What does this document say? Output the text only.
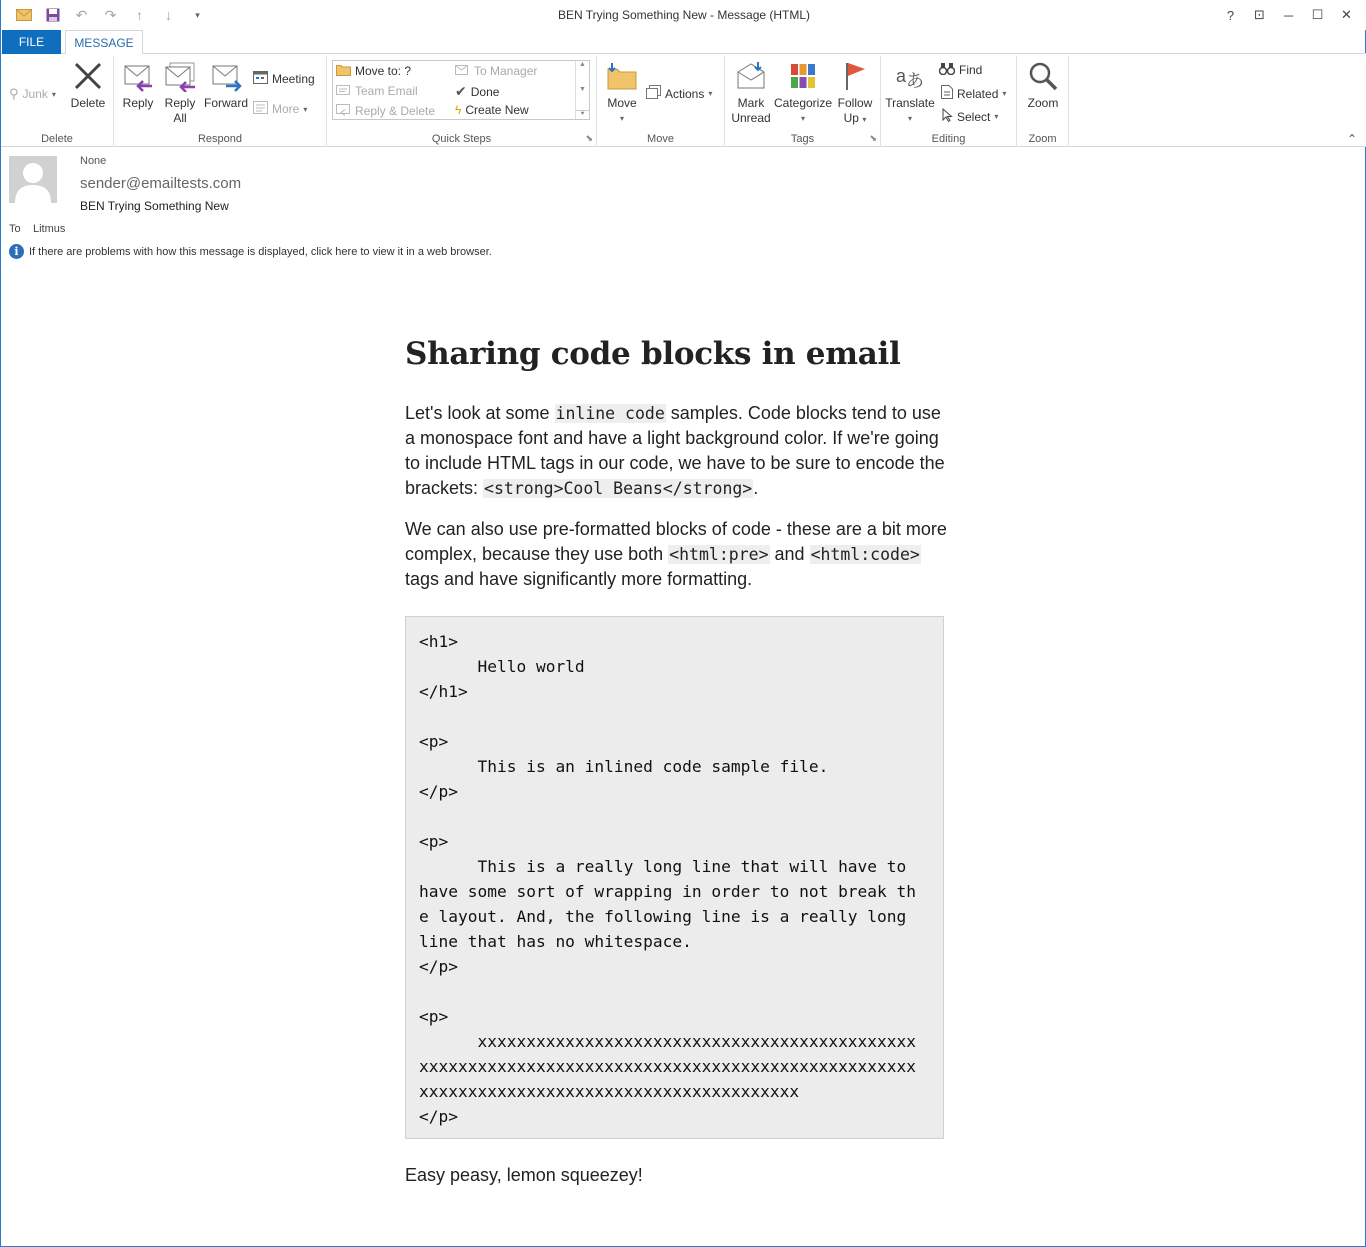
↶	↷	↑	↓	▾	BEN Trying Something New - Message (HTML)	?	⊡	─	☐	✕
FILE	MESSAGE
⚲ Junk ▾
Delete
Delete
Reply Reply
All
Forward
Meeting
More ▾
Respond
Move to: ?	To Manager
Team Email	✔ Done
Reply & Delete ϟ Create New
▲
▼
⯆
⬊
Quick Steps
Move
▾
Actions ▾
Move
Mark
Unread
Categorize
▾
Follow
Up ▾
⬊
Tags
a あ
Translate
▾
Find
Related ▾
Select ▾
Editing
Zoom
Zoom	⌃
None
sender@emailtests.com
BEN Trying Something New
To Litmus
i If there are problems with how this message is displayed, click here to view it in a web browser.
Sharing code blocks in email

Let's look at some inline code samples. Code blocks tend to use a monospace font and have a light background color. If we're going to include HTML tags in our code, we have to be sure to encode the brackets: <strong>Cool Beans</strong>.

We can also use pre-formatted blocks of code - these are a bit more complex, because they use both <html:pre> and <html:code> tags and have significantly more formatting.

<h1>
Hello world
</h1>

<p>
This is an inlined code sample file.
</p>

<p>
This is a really long line that will have to
have some sort of wrapping in order to not break th
e layout. And, the following line is a really long
line that has no whitespace.
</p>

<p>
xxxxxxxxxxxxxxxxxxxxxxxxxxxxxxxxxxxxxxxxxxxxx
xxxxxxxxxxxxxxxxxxxxxxxxxxxxxxxxxxxxxxxxxxxxxxxxxxx
xxxxxxxxxxxxxxxxxxxxxxxxxxxxxxxxxxxxxxx
</p>
Easy peasy, lemon squeezey!
